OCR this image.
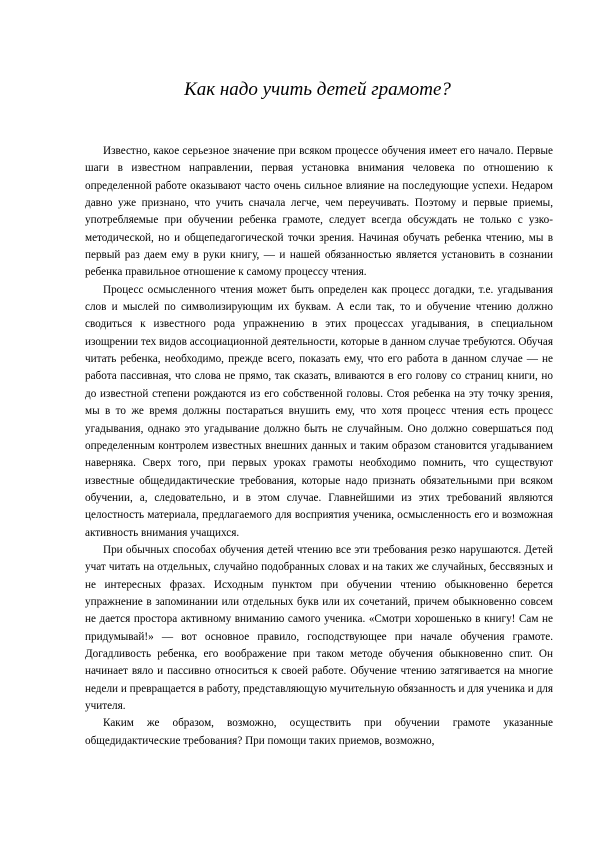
Как надо учить детей грамоте?

Известно, какое серьезное значение при всяком процессе обучения имеет его начало. Первые шаги в известном направлении, первая установка внимания человека по отношению к определенной работе оказывают часто очень сильное влияние на последующие успехи. Недаром давно уже признано, что учить сначала легче, чем переучивать. Поэтому и первые приемы, употребляемые при обучении ребенка грамоте, следует всегда обсуждать не только с узко-методической, но и общепедагогической точки зрения. Начиная обучать ребенка чтению, мы в первый раз даем ему в руки книгу, — и нашей обязанностью является установить в сознании ребенка правильное отношение к самому процессу чтения.

Процесс осмысленного чтения может быть определен как процесс догадки, т.е. угадывания слов и мыслей по символизирующим их буквам. А если так, то и обучение чтению должно сводиться к известного рода упражнению в этих процессах угадывания, в специальном изощрении тех видов ассоциационной деятельности, которые в данном случае требуются. Обучая читать ребенка, необходимо, прежде всего, показать ему, что его работа в данном случае — не работа пассивная, что слова не прямо, так сказать, вливаются в его голову со страниц книги, но до известной степени рождаются из его собственной головы. Стоя ребенка на эту точку зрения, мы в то же время должны постараться внушить ему, что хотя процесс чтения есть процесс угадывания, однако это угадывание должно быть не случайным. Оно должно совершаться под определенным контролем известных внешних данных и таким образом становится угадыванием наверняка. Сверх того, при первых уроках грамоты необходимо помнить, что существуют известные общедидактические требования, которые надо признать обязательными при всяком обучении, а, следовательно, и в этом случае. Главнейшими из этих требований являются целостность материала, предлагаемого для восприятия ученика, осмысленность его и возможная активность внимания учащихся.

При обычных способах обучения детей чтению все эти требования резко нарушаются. Детей учат читать на отдельных, случайно подобранных словах и на таких же случайных, бессвязных и не интересных фразах. Исходным пунктом при обучении чтению обыкновенно берется упражнение в запоминании или отдельных букв или их сочетаний, причем обыкновенно совсем не дается простора активному вниманию самого ученика. «Смотри хорошенько в книгу! Сам не придумывай!» — вот основное правило, господствующее при начале обучения грамоте. Догадливость ребенка, его воображение при таком методе обучения обыкновенно спит. Он начинает вяло и пассивно относиться к своей работе. Обучение чтению затягивается на многие недели и превращается в работу, представляющую мучительную обязанность и для ученика и для учителя.

Каким же образом, возможно, осуществить при обучении грамоте указанные общедидактические требования? При помощи таких приемов, возможно,
